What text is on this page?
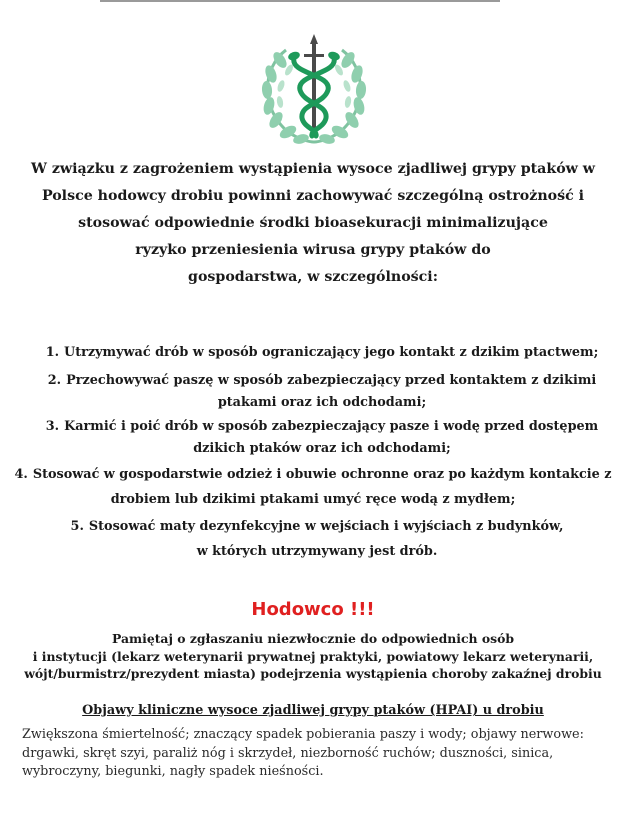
W związku z zagrożeniem wystąpienia wysoce zjadliwej grypy ptaków w
Polsce hodowcy drobiu powinni zachowywać szczególną ostrożność i
stosować odpowiednie środki bioasekuracji minimalizujące
ryzyko przeniesienia wirusa grypy ptaków do
gospodarstwa, w szczególności:
1. Utrzymywać drób w sposób ograniczający jego kontakt z dzikim ptactwem;
2. Przechowywać paszę w sposób zabezpieczający przed kontaktem z dzikimi
ptakami oraz ich odchodami;
3. Karmić i poić drób w sposób zabezpieczający pasze i wodę przed dostępem
dzikich ptaków oraz ich odchodami;
4. Stosować w gospodarstwie odzież i obuwie ochronne oraz po każdym kontakcie z
drobiem lub dzikimi ptakami umyć ręce wodą z mydłem;
5. Stosować maty dezynfekcyjne w wejściach i wyjściach z budynków,
w których utrzymywany jest drób.
Hodowco !!!
Pamiętaj o zgłaszaniu niezwłocznie do odpowiednich osób
i instytucji (lekarz weterynarii prywatnej praktyki, powiatowy lekarz weterynarii,
wójt/burmistrz/prezydent miasta) podejrzenia wystąpienia choroby zakaźnej drobiu
Objawy kliniczne wysoce zjadliwej grypy ptaków (HPAI) u drobiu
Zwiększona śmiertelność; znaczący spadek pobierania paszy i wody; objawy nerwowe:
drgawki, skręt szyi, paraliż nóg i skrzydeł, niezborność ruchów; duszności, sinica,
wybroczyny, biegunki, nagły spadek nieśności.
